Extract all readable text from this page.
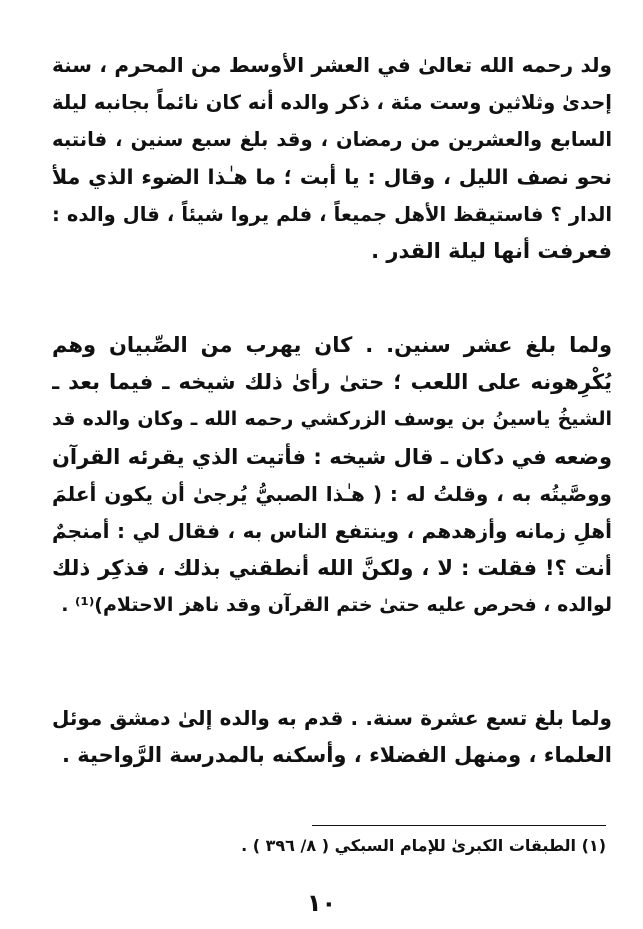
ولد رحمه الله تعالىٰ في العشر الأوسط من المحرم ، سنة
إحدىٰ وثلاثين وست مئة ، ذكر والده أنه كان نائماً بجانبه ليلة
السابع والعشرين من رمضان ، وقد بلغ سبع سنين ، فانتبه
نحو نصف الليل ، وقال : يا أبت ؛ ما هـٰذا الضوء الذي ملأ
الدار ؟ فاستيقظ الأهل جميعاً ، فلم يروا شيئاً ، قال والده :
فعرفت أنها ليلة القدر .
ولما بلغ عشر سنين. . كان يهرب من الصِّبيان وهم
يُكْرِهونه على اللعب ؛ حتىٰ رأىٰ ذلك شيخه ـ فيما بعد ـ
الشيخُ ياسينُ بن يوسف الزركشي رحمه الله ـ وكان والده قد
وضعه في دكان ـ قال شيخه : فأتيت الذي يقرئه القرآن
ووصَّيتُه به ، وقلتُ له : ( هـٰذا الصبيُّ يُرجىٰ أن يكون أعلمَ
أهلِ زمانه وأزهدهم ، وينتفع الناس به ، فقال لي : أمنجمٌ
أنت ؟! فقلت : لا ، ولكنَّ الله أنطقني بذلك ، فذكِر ذلك
لوالده ، فحرص عليه حتىٰ ختم القرآن وقد ناهز الاحتلام)⁽¹⁾ .
ولما بلغ تسع عشرة سنة. . قدم به والده إلىٰ دمشق موئل
العلماء ، ومنهل الفضلاء ، وأسكنه بالمدرسة الرَّواحية .
(١) الطبقات الكبرىٰ للإمام السبكي ( ٨/ ٣٩٦ ) .
١٠
